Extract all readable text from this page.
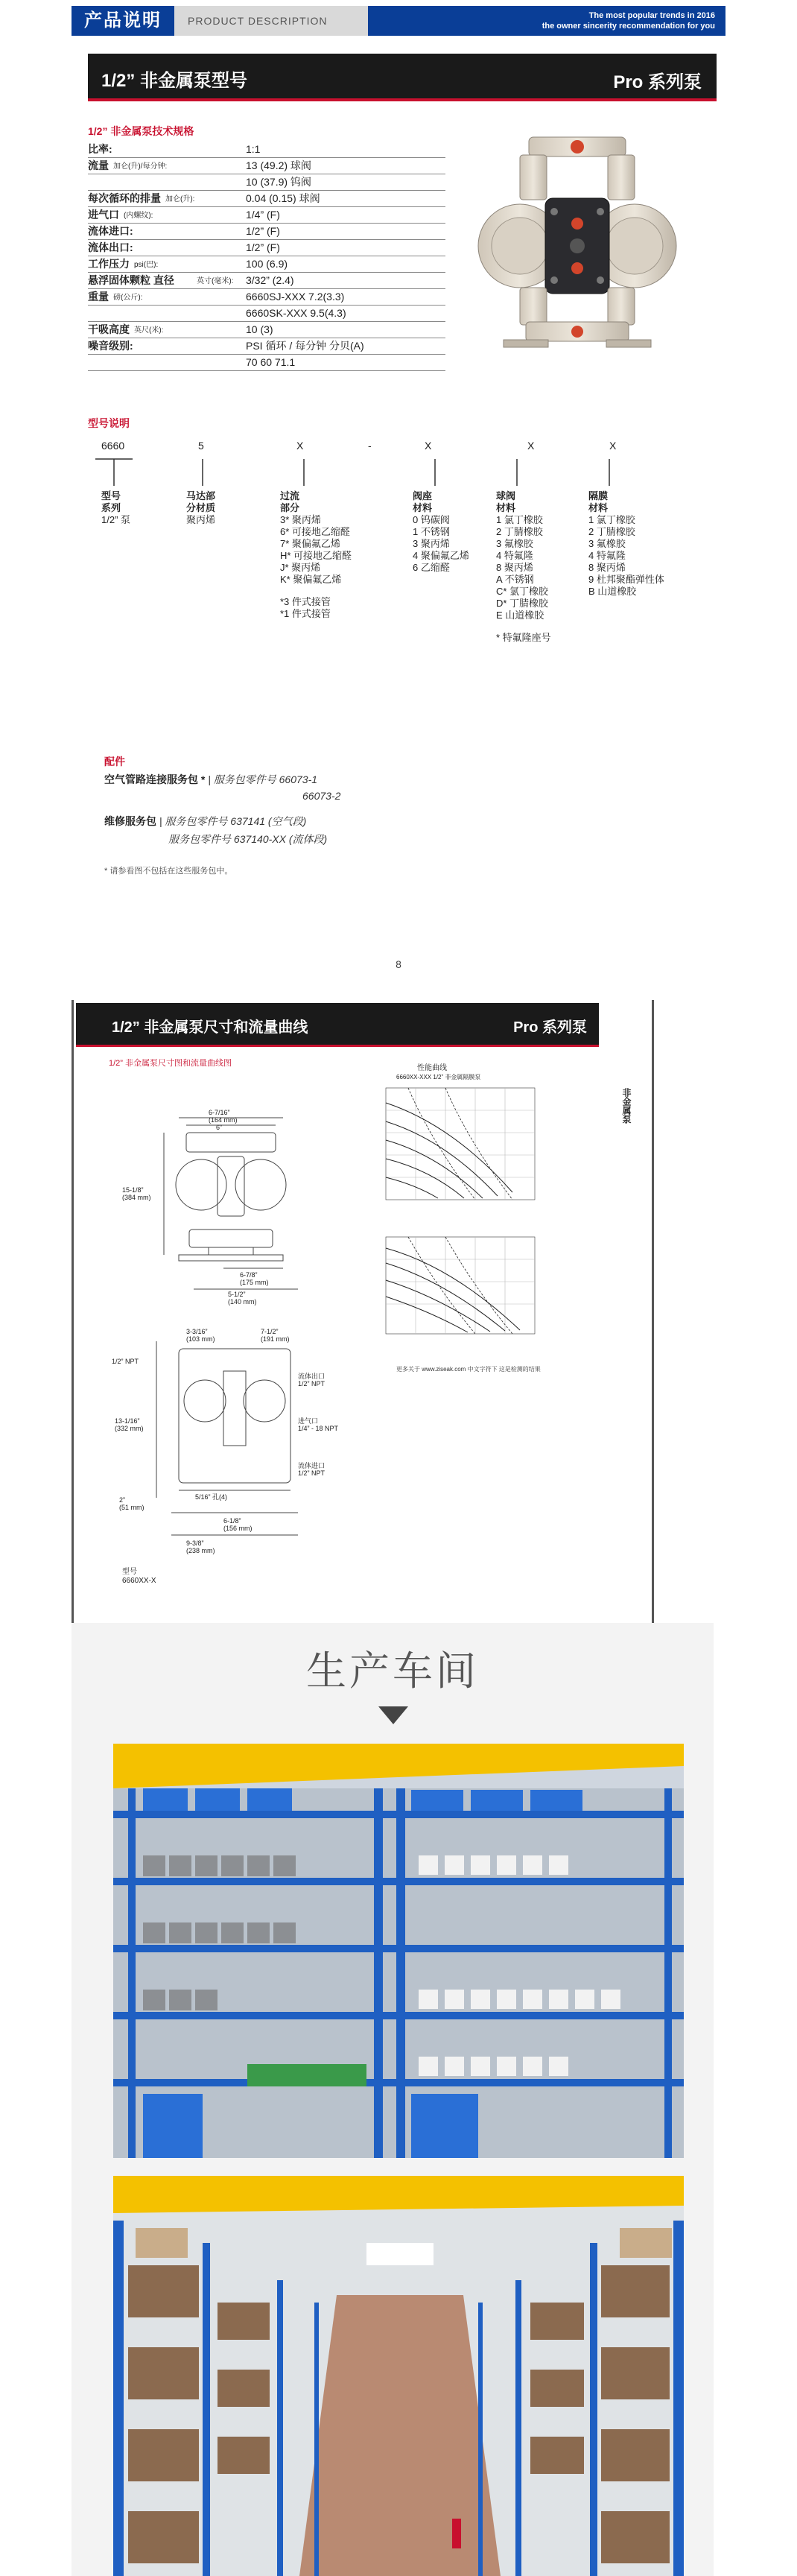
产品说明	PRODUCT DESCRIPTION	The most popular trends in 2016
the owner sincerity recommendation for you
1/2” 非金属泵型号	Pro 系列泵
1/2” 非金属泵技术规格
比率:	1:1
流量 加仑(升)/每分钟:	13 (49.2) 球阀
10 (37.9) 钨阀
每次循环的排量 加仑(升):	0.04 (0.15) 球阀
进气口 (内螺纹):	1/4” (F)
流体进口:	1/2” (F)
流体出口:	1/2” (F)
工作压力 psi(巴):	100 (6.9)
悬浮固体颗粒 直径	英寸(毫米): 3/32” (2.4)
重量 磅(公斤):	6660SJ-XXX 7.2(3.3)
6660SK-XXX 9.5(4.3)
干吸高度 英尺(米):	10 (3)
噪音级别:	PSI 循环 / 每分钟 分贝(A)
70 60 71.1
型号说明
6660	5	X	-	X	X	X
型号
系列
1/2” 泵
马达部
分材质
聚丙烯
过流
部分
3* 聚丙烯
6* 可接地乙缩醛
7* 聚偏氟乙烯
H* 可接地乙缩醛
J* 聚丙烯
K* 聚偏氟乙烯
*3 件式接管
*1 件式接管
阀座
材料
0 钨碳阀
1 不锈钢
3 聚丙烯
4 聚偏氟乙烯
6 乙缩醛
球阀
材料
1 氯丁橡胶
2 丁腈橡胶
3 氟橡胶
4 特氟隆
8 聚丙烯
A 不锈钢
C* 氯丁橡胶
D* 丁腈橡胶
E 山道橡胶
* 特氟隆座号
隔膜
材料
1 氯丁橡胶
2 丁腈橡胶
3 氟橡胶
4 特氟隆
8 聚丙烯
9 杜邦聚酯弹性体
B 山道橡胶
配件
空气管路连接服务包 * | 服务包零件号 66073-1
66073-2
维修服务包 | 服务包零件号 637141 (空气段)
服务包零件号 637140-XX (流体段)
* 请参看图不包括在这些服务包中。
8
1/2” 非金属泵尺寸和流量曲线	Pro 系列泵
1/2” 非金属泵尺寸图和流量曲线图
非金属泵
6-7/16”
(164 mm)
6”
15-1/8”
(384 mm)
6-7/8”
(175 mm)
5-1/2”
(140 mm)
3-3/16”
(103 mm)
7-1/2”
(191 mm)
1/2” NPT
13-1/16”
(332 mm)
2”
(51 mm)
5/16” 孔(4)
6-1/8”
(156 mm)
9-3/8”
(238 mm)
流体出口
1/2” NPT
进气口
1/4” - 18 NPT
流体进口
1/2” NPT
型号
6660XX-X
性能曲线
6660XX-XXX 1/2” 非金属隔膜泵
更多关于 www.ziseak.com 中文字符下 这是检测的结果
生产车间
